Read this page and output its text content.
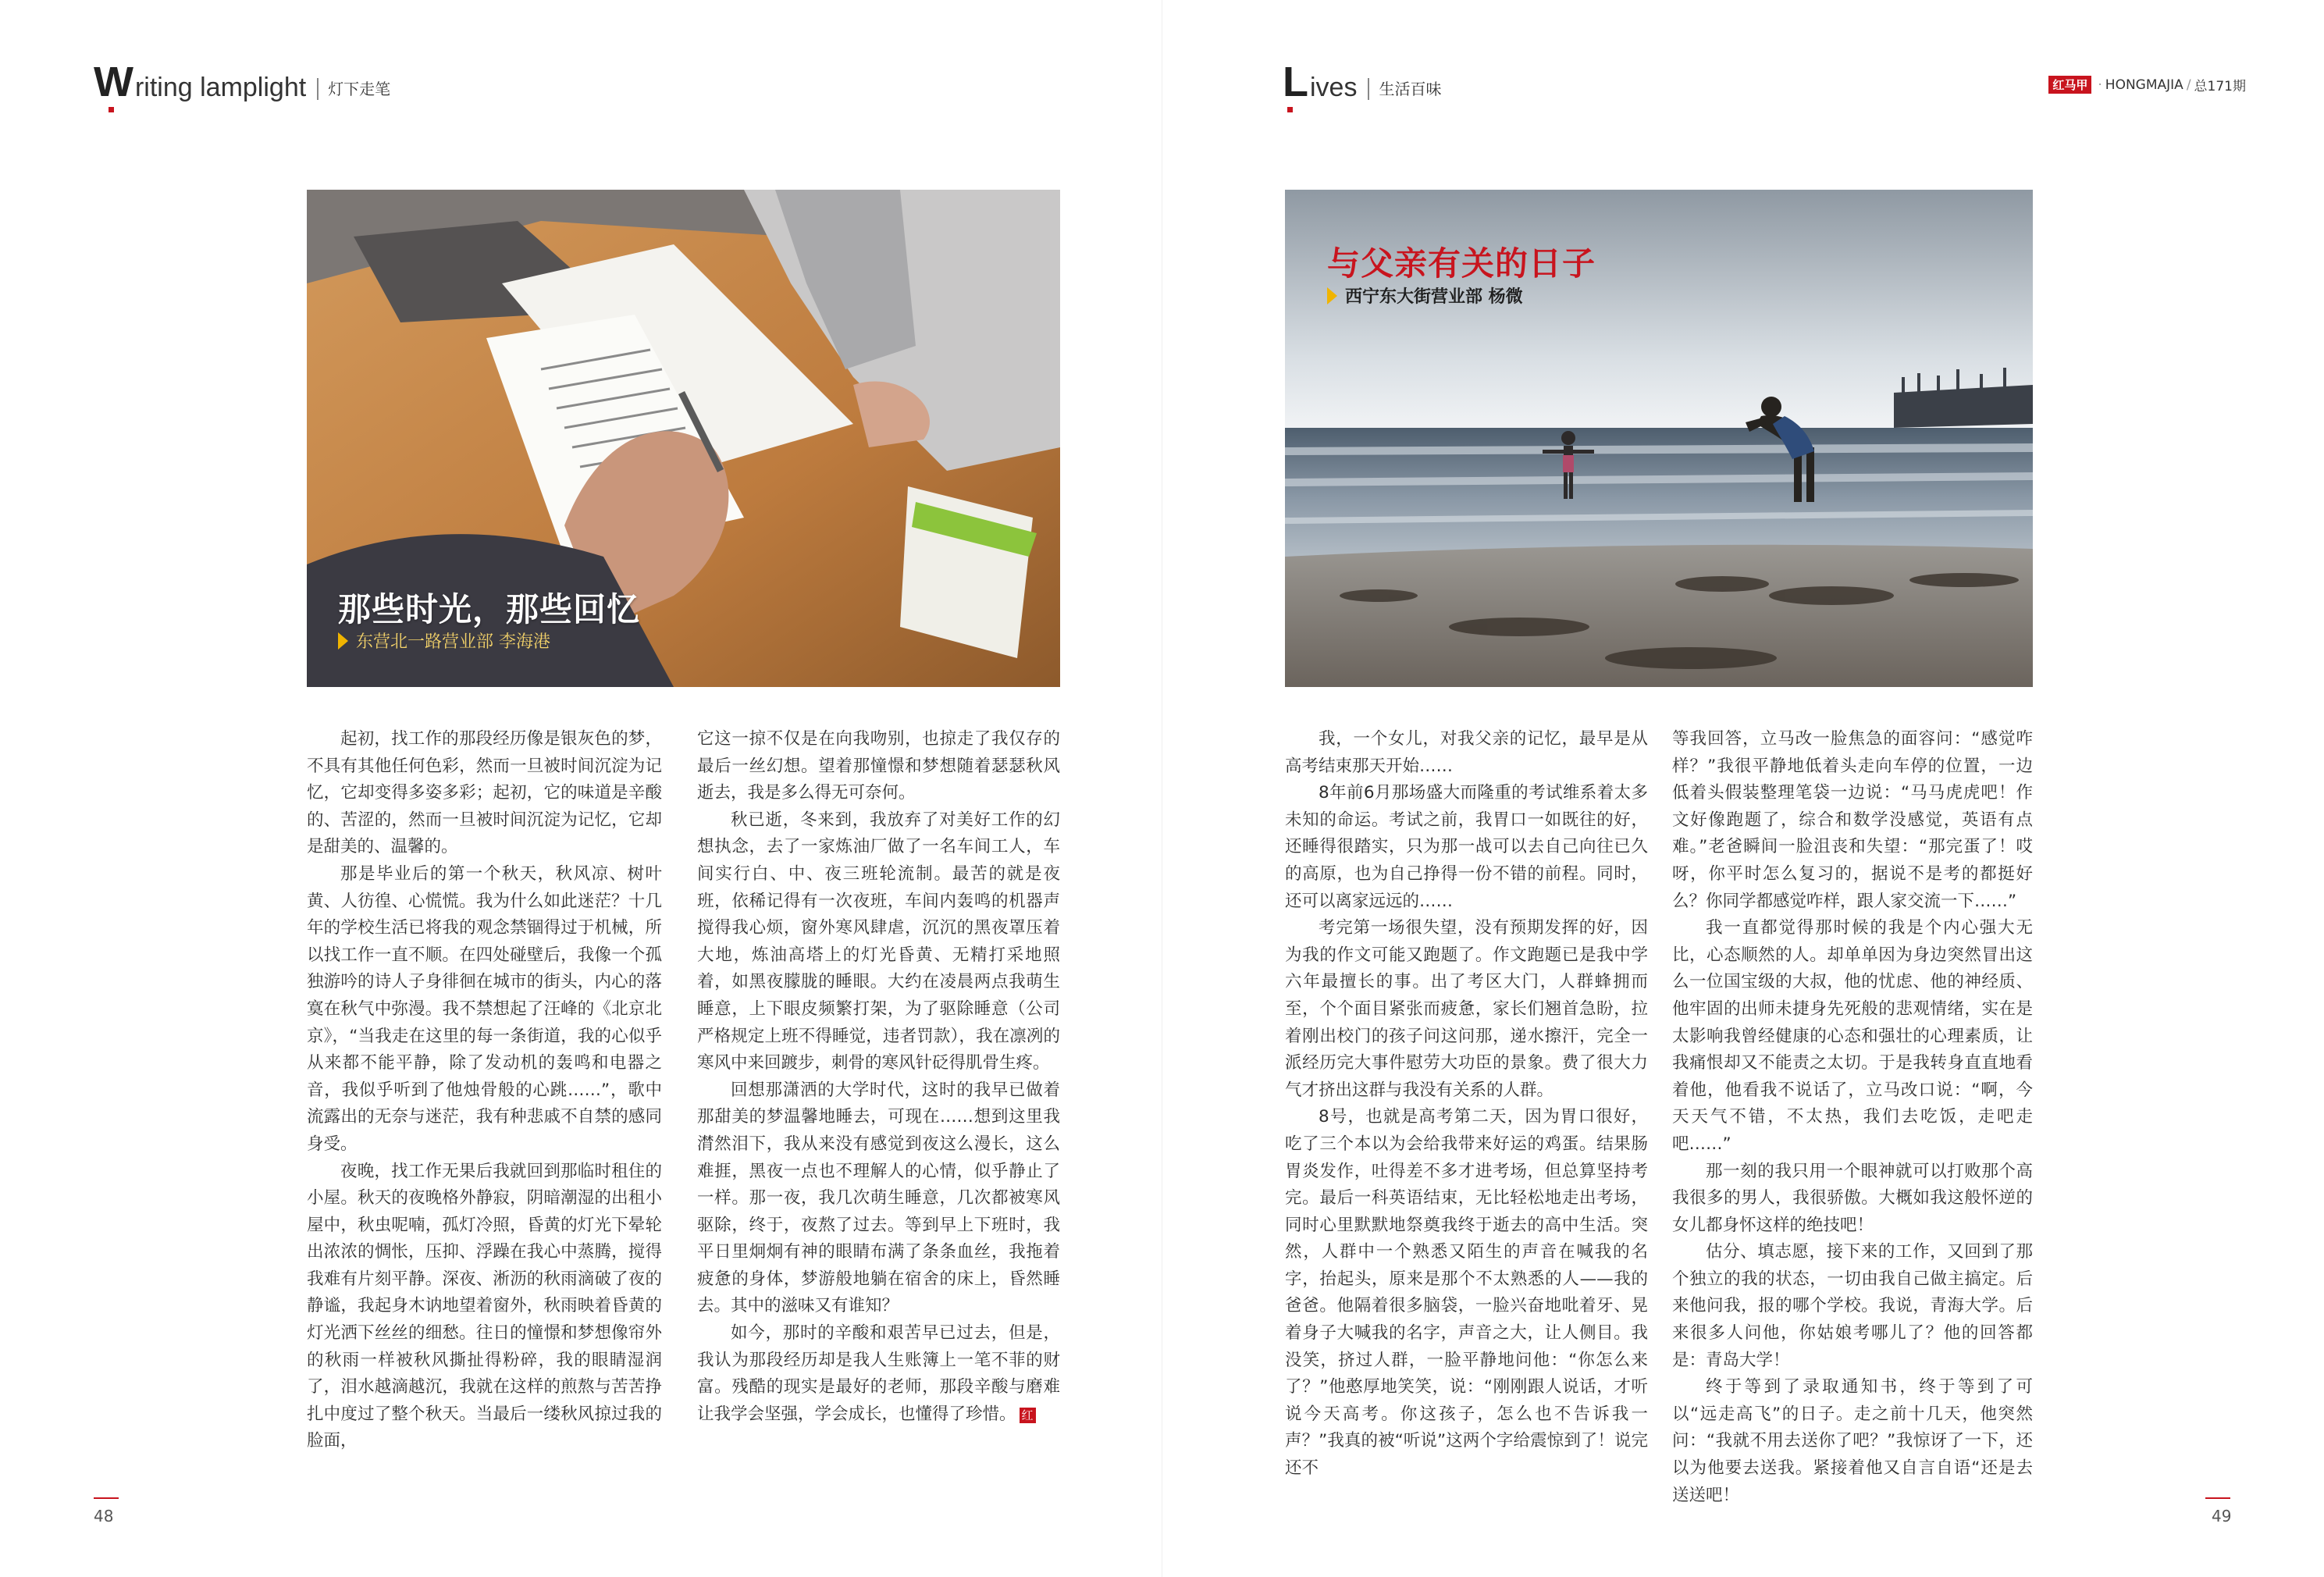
W riting lamplight 灯下走笔	L ives 生活百味	红马甲 · HONGMAJIA / 总171期
那些时光，那些回忆
东营北一路营业部 李海港
与父亲有关的日子
西宁东大街营业部 杨微

起初，找工作的那段经历像是银灰色的梦，不具有其他任何色彩，然而一旦被时间沉淀为记忆，它却变得多姿多彩；起初，它的味道是辛酸的、苦涩的，然而一旦被时间沉淀为记忆，它却是甜美的、温馨的。

那是毕业后的第一个秋天，秋风凉、树叶黄、人彷徨、心慌慌。我为什么如此迷茫？十几年的学校生活已将我的观念禁锢得过于机械，所以找工作一直不顺。在四处碰壁后，我像一个孤独游吟的诗人子身徘徊在城市的街头，内心的落寞在秋气中弥漫。我不禁想起了汪峰的《北京北京》，“当我走在这里的每一条街道，我的心似乎从来都不能平静，除了发动机的轰鸣和电器之音，我似乎听到了他烛骨般的心跳……”，歌中流露出的无奈与迷茫，我有种悲戚不自禁的感同身受。

夜晚，找工作无果后我就回到那临时租住的小屋。秋天的夜晚格外静寂，阴暗潮湿的出租小屋中，秋虫呢喃，孤灯冷照，昏黄的灯光下晕轮出浓浓的惆怅，压抑、浮躁在我心中蒸腾，搅得我难有片刻平静。深夜、淅沥的秋雨滴破了夜的静谧，我起身木讷地望着窗外，秋雨映着昏黄的灯光洒下丝丝的细愁。往日的憧憬和梦想像帘外的秋雨一样被秋风撕扯得粉碎，我的眼睛湿润了，泪水越滴越沉，我就在这样的煎熬与苦苦挣扎中度过了整个秋天。当最后一缕秋风掠过我的脸面，

它这一掠不仅是在向我吻别，也掠走了我仅存的最后一丝幻想。望着那憧憬和梦想随着瑟瑟秋风逝去，我是多么得无可奈何。

秋已逝，冬来到，我放弃了对美好工作的幻想执念，去了一家炼油厂做了一名车间工人，车间实行白、中、夜三班轮流制。最苦的就是夜班，依稀记得有一次夜班，车间内轰鸣的机器声搅得我心烦，窗外寒风肆虐，沉沉的黑夜罩压着大地，炼油高塔上的灯光昏黄、无精打采地照着，如黑夜朦胧的睡眼。大约在凌晨两点我萌生睡意，上下眼皮频繁打架，为了驱除睡意（公司严格规定上班不得睡觉，违者罚款），我在凛冽的寒风中来回踱步，刺骨的寒风针砭得肌骨生疼。

回想那潇洒的大学时代，这时的我早已做着那甜美的梦温馨地睡去，可现在……想到这里我潸然泪下，我从来没有感觉到夜这么漫长，这么难捱，黑夜一点也不理解人的心情，似乎静止了一样。那一夜，我几次萌生睡意，几次都被寒风驱除，终于，夜熬了过去。等到早上下班时，我平日里炯炯有神的眼睛布满了条条血丝，我拖着疲惫的身体，梦游般地躺在宿舍的床上，昏然睡去。其中的滋味又有谁知？

如今，那时的辛酸和艰苦早已过去，但是，我认为那段经历却是我人生账簿上一笔不菲的财富。残酷的现实是最好的老师，那段辛酸与磨难让我学会坚强，学会成长，也懂得了珍惜。 红

我，一个女儿，对我父亲的记忆，最早是从高考结束那天开始……

8年前6月那场盛大而隆重的考试维系着太多未知的命运。考试之前，我胃口一如既往的好，还睡得很踏实，只为那一战可以去自己向往已久的高原，也为自己挣得一份不错的前程。同时，还可以离家远远的……

考完第一场很失望，没有预期发挥的好，因为我的作文可能又跑题了。作文跑题已是我中学六年最擅长的事。出了考区大门，人群蜂拥而至，个个面目紧张而疲惫，家长们翘首急盼，拉着刚出校门的孩子问这问那，递水擦汗，完全一派经历完大事件慰劳大功臣的景象。费了很大力气才挤出这群与我没有关系的人群。

8号，也就是高考第二天，因为胃口很好，吃了三个本以为会给我带来好运的鸡蛋。结果肠胃炎发作，吐得差不多才进考场，但总算坚持考完。最后一科英语结束，无比轻松地走出考场，同时心里默默地祭奠我终于逝去的高中生活。突然，人群中一个熟悉又陌生的声音在喊我的名字，抬起头，原来是那个不太熟悉的人——我的爸爸。他隔着很多脑袋，一脸兴奋地吡着牙、晃着身子大喊我的名字，声音之大，让人侧目。我没笑，挤过人群，一脸平静地问他：“你怎么来了？”他憨厚地笑笑，说：“刚刚跟人说话，才听说今天高考。你这孩子，怎么也不告诉我一声？”我真的被“听说”这两个字给震惊到了！说完还不

等我回答，立马改一脸焦急的面容问：“感觉咋样？”我很平静地低着头走向车停的位置，一边低着头假装整理笔袋一边说：“马马虎虎吧！作文好像跑题了，综合和数学没感觉，英语有点难。”老爸瞬间一脸沮丧和失望：“那完蛋了！哎呀，你平时怎么复习的，据说不是考的都挺好么？你同学都感觉咋样，跟人家交流一下……”

我一直都觉得那时候的我是个内心强大无比，心态顺然的人。却单单因为身边突然冒出这么一位国宝级的大叔，他的忧虑、他的神经质、他牢固的出师未捷身先死般的悲观情绪，实在是太影响我曾经健康的心态和强壮的心理素质，让我痛恨却又不能责之太切。于是我转身直直地看着他，他看我不说话了，立马改口说：“啊，今天天气不错，不太热，我们去吃饭，走吧走吧……”

那一刻的我只用一个眼神就可以打败那个高我很多的男人，我很骄傲。大概如我这般怀逆的女儿都身怀这样的绝技吧！

估分、填志愿，接下来的工作，又回到了那个独立的我的状态，一切由我自己做主搞定。后来他问我，报的哪个学校。我说，青海大学。后来很多人问他，你姑娘考哪儿了？他的回答都是：青岛大学！

终于等到了录取通知书，终于等到了可以“远走高飞”的日子。走之前十几天，他突然问：“我就不用去送你了吧？”我惊讶了一下，还以为他要去送我。紧接着他又自言自语“还是去送送吧！

48	49
